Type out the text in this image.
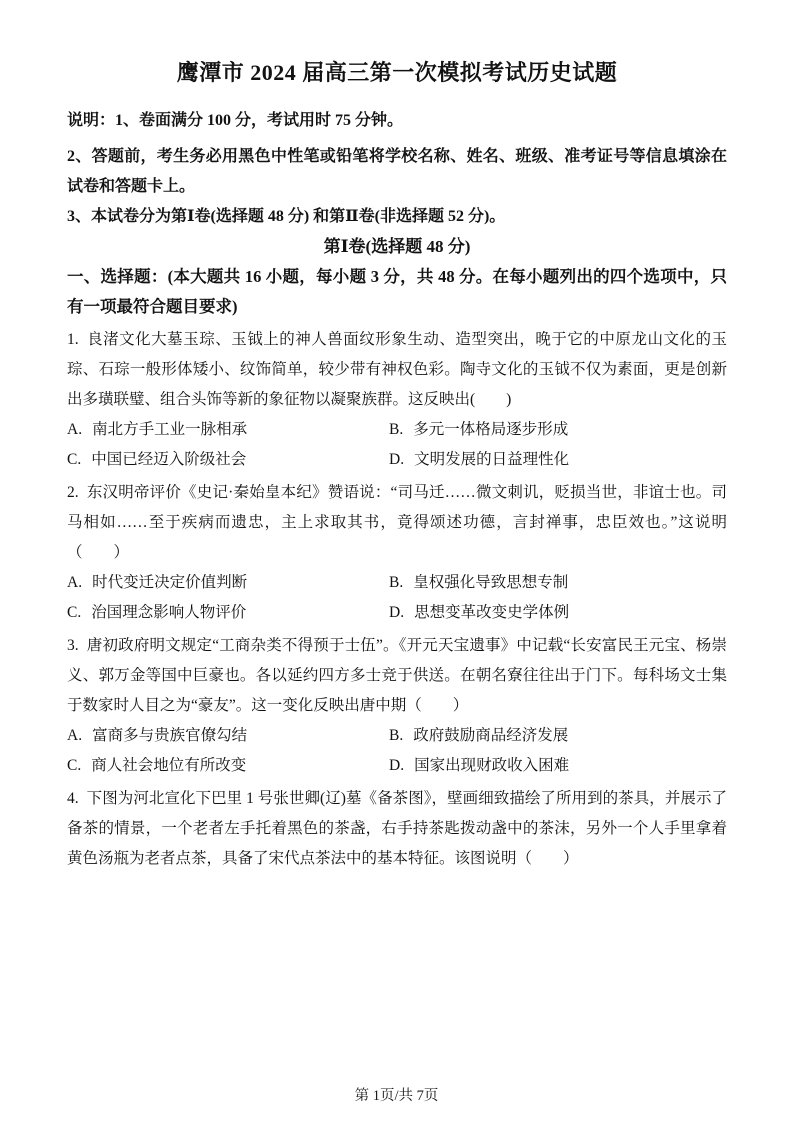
鹰潭市 2024 届高三第一次模拟考试历史试题

说明：1、卷面满分 100 分，考试用时 75 分钟。

2、答题前，考生务必用黑色中性笔或铅笔将学校名称、姓名、班级、准考证号等信息填涂在试卷和答题卡上。

3、本试卷分为第Ⅰ卷(选择题 48 分) 和第Ⅱ卷(非选择题 52 分)。

第Ⅰ卷(选择题 48 分)

一、选择题：(本大题共 16 小题，每小题 3 分，共 48 分。在每小题列出的四个选项中，只有一项最符合题目要求)

1. 良渚文化大墓玉琮、玉钺上的神人兽面纹形象生动、造型突出，晚于它的中原龙山文化的玉琮、石琮一般形体矮小、纹饰简单，较少带有神权色彩。陶寺文化的玉钺不仅为素面，更是创新出多璜联璧、组合头饰等新的象征物以凝聚族群。这反映出(　　)

A. 南北方手工业一脉相承	B. 多元一体格局逐步形成
C. 中国已经迈入阶级社会	D. 文明发展的日益理性化

2. 东汉明帝评价《史记·秦始皇本纪》赞语说：“司马迁……微文刺讥，贬损当世，非谊士也。司马相如……至于疾病而遗忠，主上求取其书，竟得颂述功德，言封禅事，忠臣效也。”这说明（　　）

A. 时代变迁决定价值判断	B. 皇权强化导致思想专制
C. 治国理念影响人物评价	D. 思想变革改变史学体例

3. 唐初政府明文规定“工商杂类不得预于士伍”。《开元天宝遗事》中记载“长安富民王元宝、杨崇义、郭万金等国中巨豪也。各以延约四方多士竞于供送。在朝名寮往往出于门下。每科场文士集于数家时人目之为“豪友”。这一变化反映出唐中期（　　）

A. 富商多与贵族官僚勾结	B. 政府鼓励商品经济发展
C. 商人社会地位有所改变	D. 国家出现财政收入困难

4. 下图为河北宣化下巴里 1 号张世卿(辽)墓《备茶图》，壁画细致描绘了所用到的茶具，并展示了备茶的情景，一个老者左手托着黑色的茶盏，右手持茶匙拨动盏中的茶沫，另外一个人手里拿着黄色汤瓶为老者点茶，具备了宋代点茶法中的基本特征。该图说明（　　）

第 1页/共 7页
